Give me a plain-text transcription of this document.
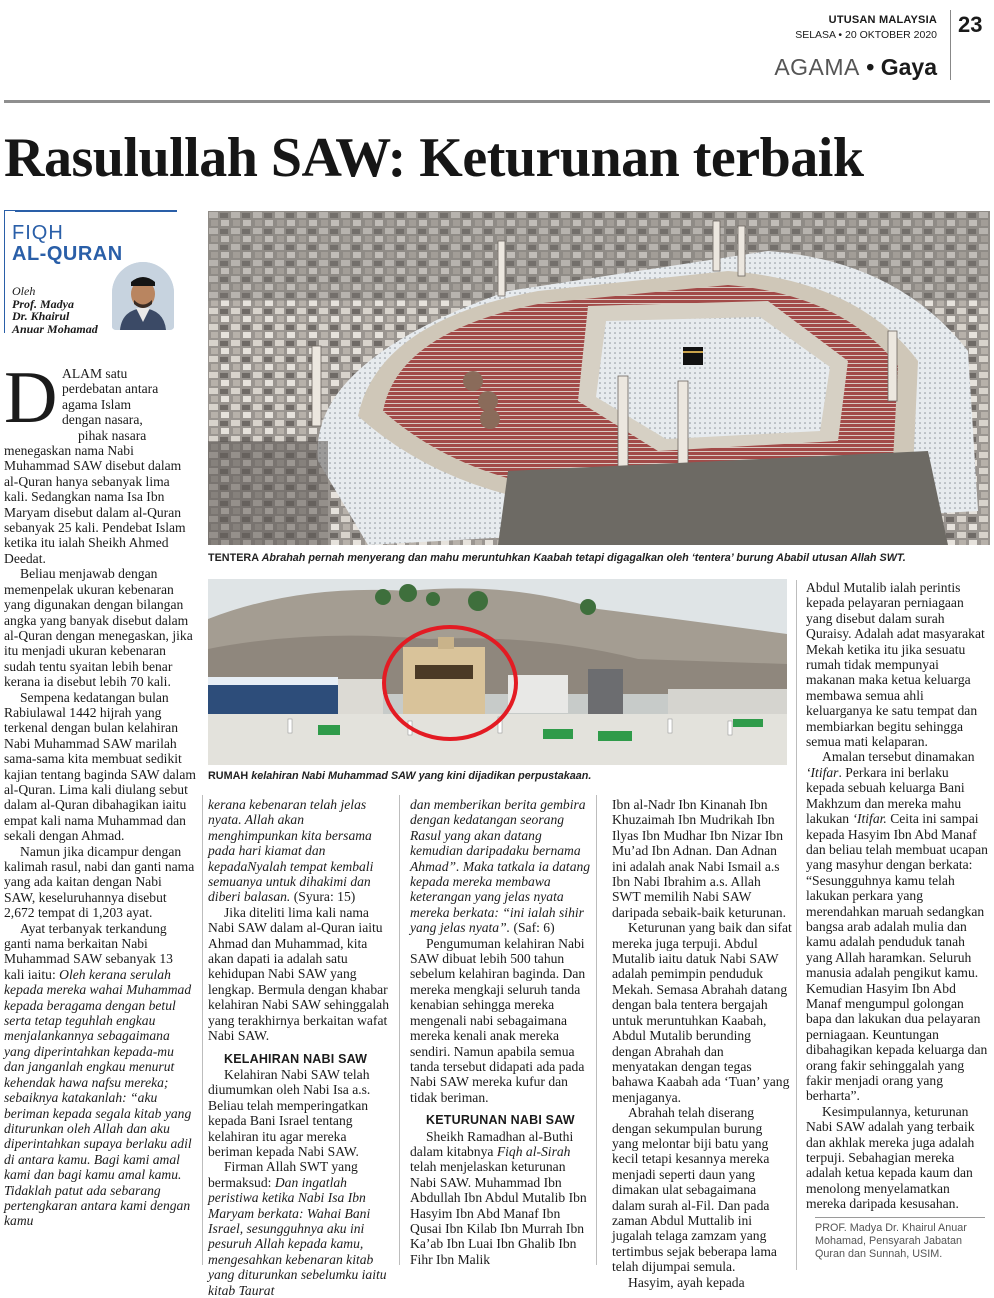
UTUSAN MALAYSIA
SELASA • 20 OKTOBER 2020 23
AGAMA • Gaya
Rasulullah SAW: Keturunan terbaik
FIQH
AL-QURAN
Oleh
Prof. Madya
Dr. Khairul
Anuar Mohamad
TENTERA Abrahah pernah menyerang dan mahu meruntuhkan Kaabah tetapi digagalkan oleh ‘tentera’ burung Ababil utusan Allah SWT.
RUMAH kelahiran Nabi Muhammad SAW yang kini dijadikan perpustakaan.
D ALAM satu
perdebatan antara
agama Islam
dengan nasara,
pihak nasara

menegaskan nama Nabi Muhammad SAW disebut dalam al-Quran hanya sebanyak lima kali. Sedangkan nama Isa Ibn Maryam disebut dalam al-Quran sebanyak 25 kali. Pendebat Islam ketika itu ialah Sheikh Ahmed Deedat.

Beliau menjawab dengan memenpelak ukuran kebenaran yang digunakan dengan bilangan angka yang banyak disebut dalam al-Quran dengan menegaskan, jika itu menjadi ukuran kebenaran sudah tentu syaitan lebih benar kerana ia disebut lebih 70 kali.

Sempena kedatangan bulan Rabiulawal 1442 hijrah yang terkenal dengan bulan kelahiran Nabi Muhammad SAW marilah sama-sama kita membuat sedikit kajian tentang baginda SAW dalam al-Quran. Lima kali diulang sebut dalam al-Quran dibahagikan iaitu empat kali nama Muhammad dan sekali dengan Ahmad.

Namun jika dicampur dengan kalimah rasul, nabi dan ganti nama yang ada kaitan dengan Nabi SAW, keseluruhannya disebut 2,672 tempat di 1,203 ayat.

Ayat terbanyak terkandung ganti nama berkaitan Nabi Muhammad SAW sebanyak 13 kali iaitu: Oleh kerana serulah kepada mereka wahai Muhammad kepada beragama dengan betul serta tetap teguhlah engkau menjalankannya sebagaimana yang diperintahkan kepada-mu dan janganlah engkau menurut kehendak hawa nafsu mereka; sebaiknya katakanlah: “aku beriman kepada segala kitab yang diturunkan oleh Allah dan aku diperintahkan supaya berlaku adil di antara kamu. Bagi kami amal kami dan bagi kamu amal kamu. Tidaklah patut ada sebarang pertengkaran antara kami dengan kamu

kerana kebenaran telah jelas nyata. Allah akan menghimpunkan kita bersama pada hari kiamat dan kepadaNyalah tempat kembali semuanya untuk dihakimi dan diberi balasan. (Syura: 15)

Jika diteliti lima kali nama Nabi SAW dalam al-Quran iaitu Ahmad dan Muhammad, kita akan dapati ia adalah satu kehidupan Nabi SAW yang lengkap. Bermula dengan khabar kelahiran Nabi SAW sehinggalah yang terakhirnya berkaitan wafat Nabi SAW.

KELAHIRAN NABI SAW

Kelahiran Nabi SAW telah diumumkan oleh Nabi Isa a.s. Beliau telah memperingatkan kepada Bani Israel tentang kelahiran itu agar mereka beriman kepada Nabi SAW.

Firman Allah SWT yang bermaksud: Dan ingatlah peristiwa ketika Nabi Isa Ibn Maryam berkata: Wahai Bani Israel, sesungguhnya aku ini pesuruh Allah kepada kamu, mengesahkan kebenaran kitab yang diturunkan sebelumku iaitu kitab Taurat

dan memberikan berita gembira dengan kedatangan seorang Rasul yang akan datang kemudian daripadaku bernama Ahmad”. Maka tatkala ia datang kepada mereka membawa keterangan yang jelas nyata mereka berkata: “ini ialah sihir yang jelas nyata”. (Saf: 6)

Pengumuman kelahiran Nabi SAW dibuat lebih 500 tahun sebelum kelahiran baginda. Dan mereka mengkaji seluruh tanda kenabian sehingga mereka mengenali nabi sebagaimana mereka kenali anak mereka sendiri. Namun apabila semua tanda tersebut didapati ada pada Nabi SAW mereka kufur dan tidak beriman.

KETURUNAN NABI SAW

Sheikh Ramadhan al-Buthi dalam kitabnya Fiqh al-Sirah telah menjelaskan keturunan Nabi SAW. Muhammad Ibn Abdullah Ibn Abdul Mutalib Ibn Hasyim Ibn Abd Manaf Ibn Qusai Ibn Kilab Ibn Murrah Ibn Ka’ab Ibn Luai Ibn Ghalib Ibn Fihr Ibn Malik

Ibn al-Nadr Ibn Kinanah Ibn Khuzaimah Ibn Mudrikah Ibn Ilyas Ibn Mudhar Ibn Nizar Ibn Mu’ad Ibn Adnan. Dan Adnan ini adalah anak Nabi Ismail a.s Ibn Nabi Ibrahim a.s. Allah SWT memilih Nabi SAW daripada sebaik-baik keturunan.

Keturunan yang baik dan sifat mereka juga terpuji. Abdul Mutalib iaitu datuk Nabi SAW adalah pemimpin penduduk Mekah. Semasa Abrahah datang dengan bala tentera bergajah untuk meruntuhkan Kaabah, Abdul Mutalib berunding dengan Abrahah dan menyatakan dengan tegas bahawa Kaabah ada ‘Tuan’ yang menjaganya.

Abrahah telah diserang dengan sekumpulan burung yang melontar biji batu yang kecil tetapi kesannya mereka menjadi seperti daun yang dimakan ulat sebagaimana dalam surah al-Fil. Dan pada zaman Abdul Muttalib ini jugalah telaga zamzam yang tertimbus sejak beberapa lama telah dijumpai semula.

Hasyim, ayah kepada

Abdul Mutalib ialah perintis kepada pelayaran perniagaan yang disebut dalam surah Quraisy. Adalah adat masyarakat Mekah ketika itu jika sesuatu rumah tidak mempunyai makanan maka ketua keluarga membawa semua ahli keluarganya ke satu tempat dan membiarkan begitu sehingga semua mati kelaparan.

Amalan tersebut dinamakan ‘Itifar. Perkara ini berlaku kepada sebuah keluarga Bani Makhzum dan mereka mahu lakukan ‘Itifar. Ceita ini sampai kepada Hasyim Ibn Abd Manaf dan beliau telah membuat ucapan yang masyhur dengan berkata: “Sesungguhnya kamu telah lakukan perkara yang merendahkan maruah sedangkan bangsa arab adalah mulia dan kamu adalah penduduk tanah yang Allah haramkan. Seluruh manusia adalah pengikut kamu. Kemudian Hasyim Ibn Abd Manaf mengumpul golongan bapa dan lakukan dua pelayaran perniagaan. Keuntungan dibahagikan kepada keluarga dan orang fakir sehinggalah yang fakir menjadi orang yang berharta”.

Kesimpulannya, keturunan Nabi SAW adalah yang terbaik dan akhlak mereka juga adalah terpuji. Sebahagian mereka adalah ketua kepada kaum dan menolong menyelamatkan mereka daripada kesusahan.

PROF. Madya Dr. Khairul Anuar Mohamad, Pensyarah Jabatan Quran dan Sunnah, USIM.
